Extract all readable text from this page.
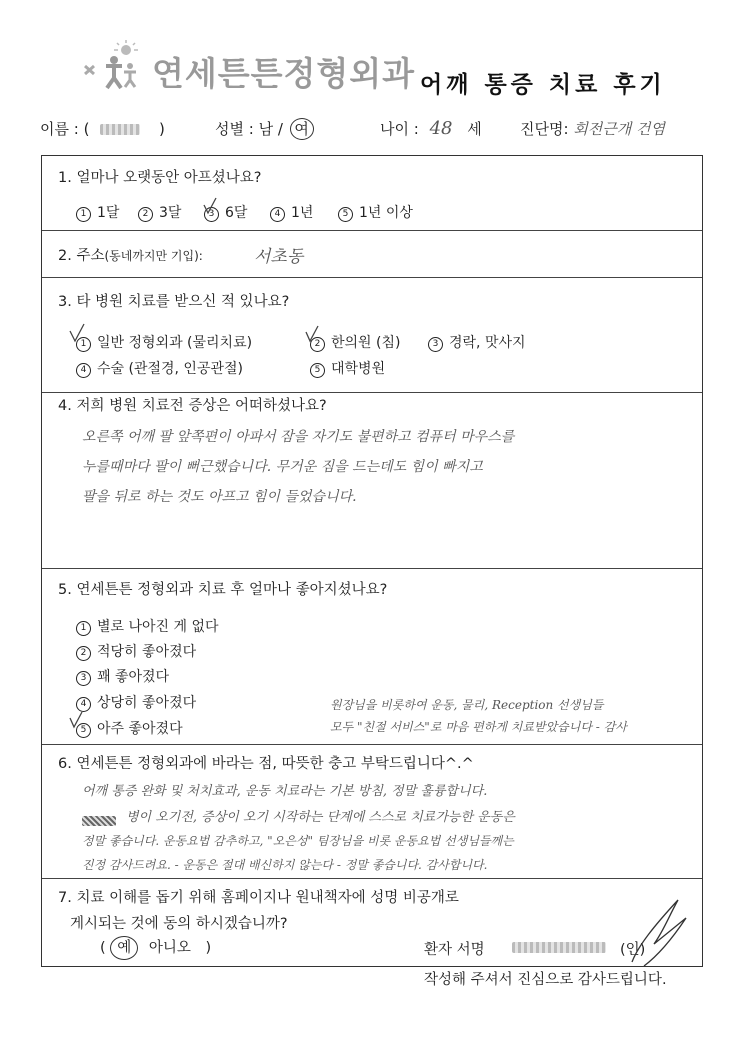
연세튼튼정형외과 어깨 통증 치료 후기
이름 : (	)	성별 : 남 / 여	나이 : 48 세	진단명: 회전근개 건염
1. 얼마나 오랫동안 아프셨나요?
1 1달	2 3달	3 6달	4 1년	5 1년 이상
2. 주소(동네까지만 기입):	서초동
3. 타 병원 치료를 받으신 적 있나요?
1 일반 정형외과 (물리치료)	2 한의원 (침)	3 경락, 맛사지
4 수술 (관절경, 인공관절)	5 대학병원
4. 저희 병원 치료전 증상은 어떠하셨나요?
오른쪽 어깨 팔 앞쪽편이 아파서 잠을 자기도 불편하고 컴퓨터 마우스를
누를때마다 팔이 뻐근했습니다. 무거운 짐을 드는데도 힘이 빠지고
팔을 뒤로 하는 것도 아프고 힘이 들었습니다.
5. 연세튼튼 정형외과 치료 후 얼마나 좋아지셨나요?
1 별로 나아진 게 없다
2 적당히 좋아졌다
3 꽤 좋아졌다
4 상당히 좋아졌다
5 아주 좋아졌다
원장님을 비롯하여 운동, 물리, Reception 선생님들
모두 "친절 서비스"로 마음 편하게 치료받았습니다 - 감사
6. 연세튼튼 정형외과에 바라는 점, 따뜻한 충고 부탁드립니다^.^
어깨 통증 완화 및 처치효과, 운동 치료라는 기본 방침, 정말 훌륭합니다.
병이 오기전, 증상이 오기 시작하는 단계에 스스로 치료가능한 운동은
정말 좋습니다. 운동요법 감추하고, "오은성" 팀장님을 비롯 운동요법 선생님들께는
진정 감사드려요. - 운동은 절대 배신하지 않는다 - 정말 좋습니다. 감사합니다.
7. 치료 이해를 돕기 위해 홈페이지나 원내책자에 성명 비공개로
게시되는 것에 동의 하시겠습니까?
( 예 아니오 )	환자 서명	(인)
작성해 주셔서 진심으로 감사드립니다.
